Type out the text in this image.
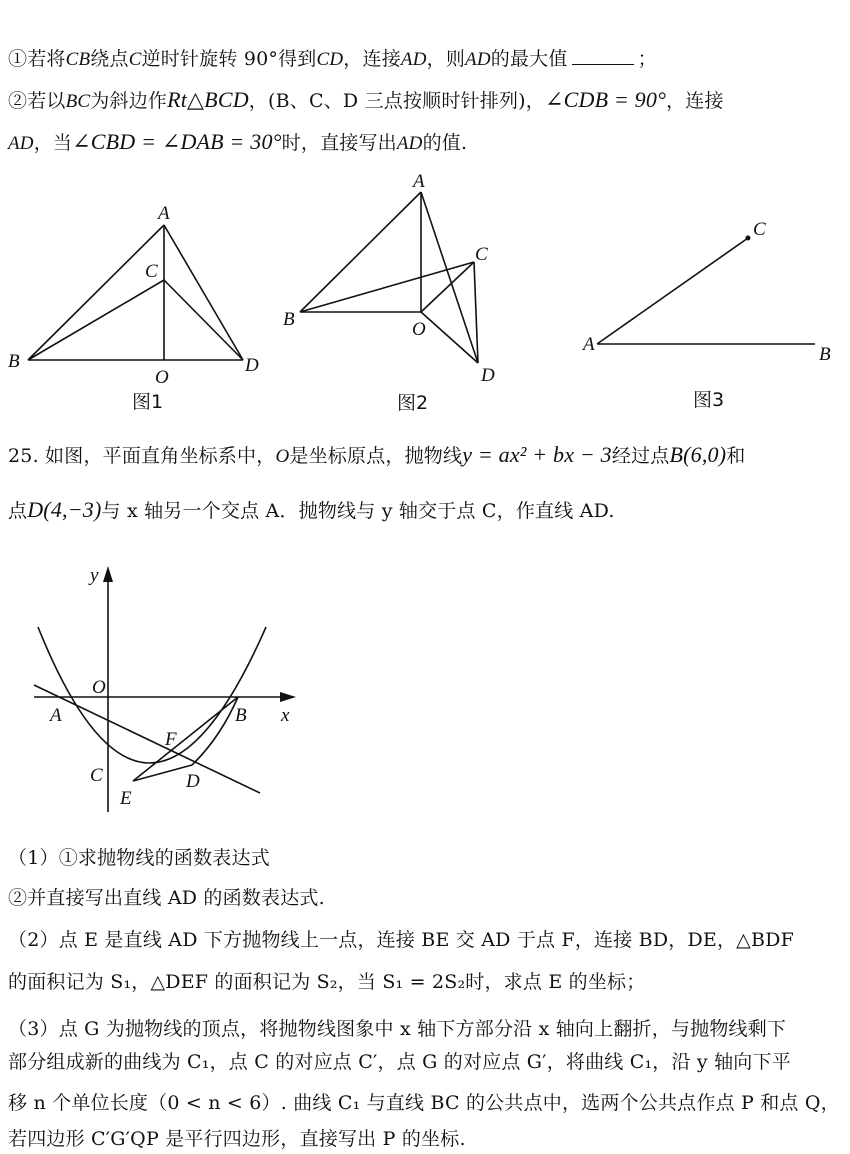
①若将CB绕点C逆时针旋转 90°得到CD，连接AD，则AD的最大值	；
②若以BC为斜边作Rt△BCD，(B、C、D 三点按顺时针排列)，∠CDB = 90°，连接
AD，当∠CBD = ∠DAB = 30°时，直接写出AD的值.
A
C
B
O
D
图1
A
C
B	O
D
图2
C
A	B
图3
25. 如图，平面直角坐标系中，O是坐标原点，抛物线y = ax² + bx − 3经过点B(6,0)和
点D(4,−3)与 x 轴另一个交点 A．抛物线与 y 轴交于点 C，作直线 AD.
y
x
O
A	B
F
C	D
E
（1）①求抛物线的函数表达式
②并直接写出直线 AD 的函数表达式.
（2）点 E 是直线 AD 下方抛物线上一点，连接 BE 交 AD 于点 F，连接 BD，DE，△BDF
的面积记为 S₁，△DEF 的面积记为 S₂，当 S₁ = 2S₂时，求点 E 的坐标；
（3）点 G 为抛物线的顶点，将抛物线图象中 x 轴下方部分沿 x 轴向上翻折，与抛物线剩下
部分组成新的曲线为 C₁，点 C 的对应点 C′，点 G 的对应点 G′，将曲线 C₁，沿 y 轴向下平
移 n 个单位长度（0 < n < 6）. 曲线 C₁ 与直线 BC 的公共点中，选两个公共点作点 P 和点 Q，
若四边形 C′G′QP 是平行四边形，直接写出 P 的坐标.
